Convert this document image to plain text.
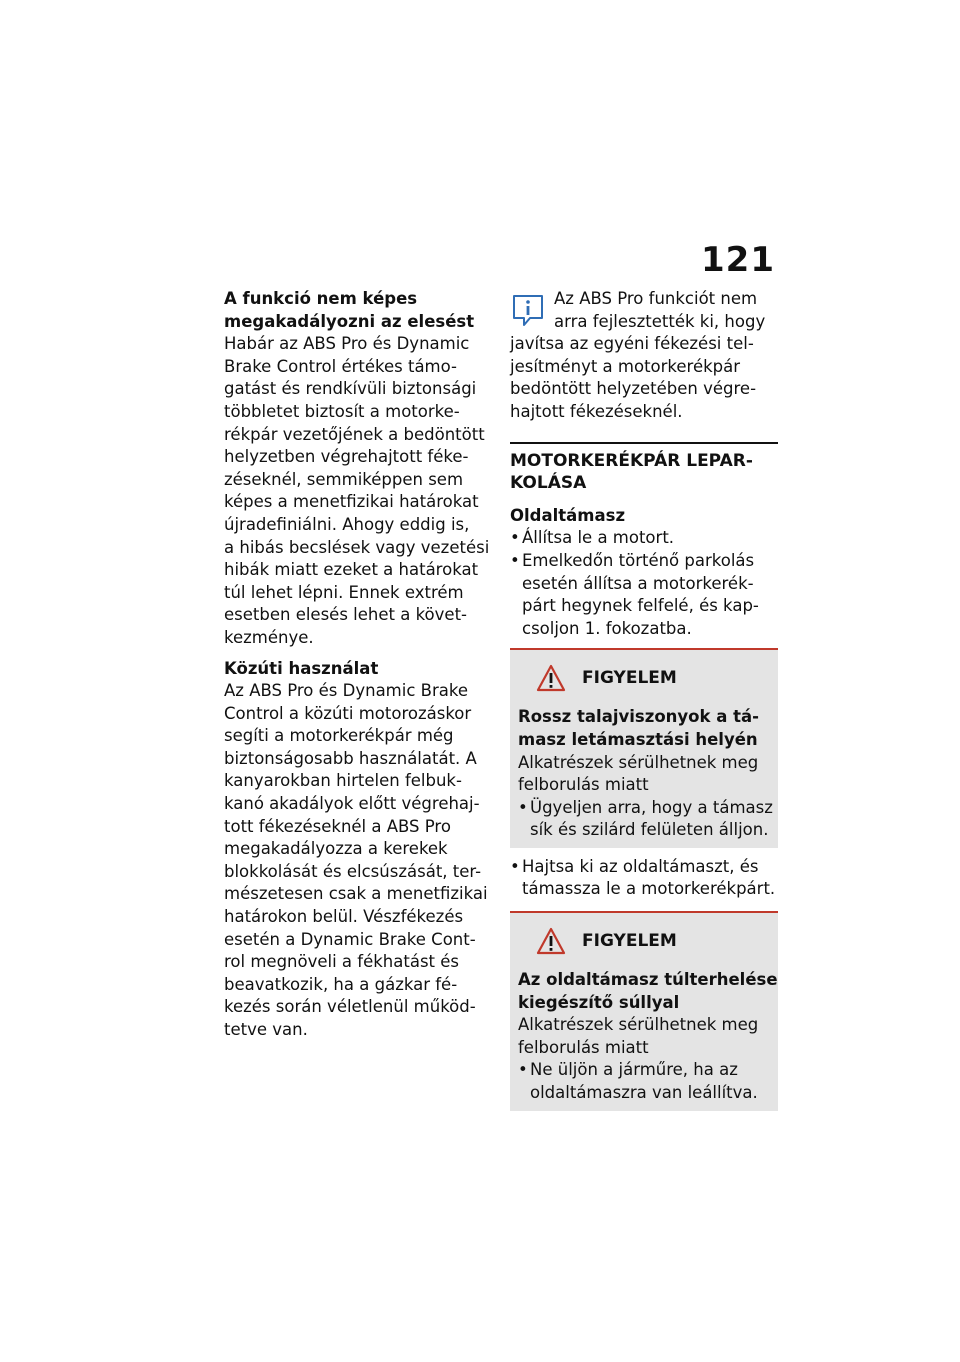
121
A funkció nem képes
megakadályozni az elesést
Habár az ABS Pro és Dynamic
Brake Control értékes támo-
gatást és rendkívüli biztonsági
többletet biztosít a motorke-
rékpár vezetőjének a bedöntött
helyzetben végrehajtott féke-
zéseknél, semmiképpen sem
képes a menetfizikai határokat
újradefiniálni. Ahogy eddig is,
a hibás becslések vagy vezetési
hibák miatt ezeket a határokat
túl lehet lépni. Ennek extrém
esetben elesés lehet a követ-
kezménye.
Közúti használat
Az ABS Pro és Dynamic Brake
Control a közúti motorozáskor
segíti a motorkerékpár még
biztonságosabb használatát. A
kanyarokban hirtelen felbuk-
kanó akadályok előtt végrehaj-
tott fékezéseknél a ABS Pro
megakadályozza a kerekek
blokkolását és elcsúszását, ter-
mészetesen csak a menetfizikai
határokon belül. Vészfékezés
esetén a Dynamic Brake Cont-
rol megnöveli a fékhatást és
beavatkozik, ha a gázkar fé-
kezés során véletlenül működ-
tetve van.
Az ABS Pro funkciót nem
arra fejlesztették ki, hogy
javítsa az egyéni fékezési tel-
jesítményt a motorkerékpár
bedöntött helyzetében végre-
hajtott fékezéseknél.
MOTORKERÉKPÁR LEPAR-
KOLÁSA
Oldaltámasz
• Állítsa le a motort.
• Emelkedőn történő parkolás
esetén állítsa a motorkerék-
párt hegynek felfelé, és kap-
csoljon 1. fokozatba.
FIGYELEM
Rossz talajviszonyok a tá-
masz letámasztási helyén
Alkatrészek sérülhetnek meg
felborulás miatt
• Ügyeljen arra, hogy a támasz
sík és szilárd felületen álljon.
• Hajtsa ki az oldaltámaszt, és
támassza le a motorkerékpárt.
FIGYELEM
Az oldaltámasz túlterhelése
kiegészítő súllyal
Alkatrészek sérülhetnek meg
felborulás miatt
• Ne üljön a járműre, ha az
oldaltámaszra van leállítva.
